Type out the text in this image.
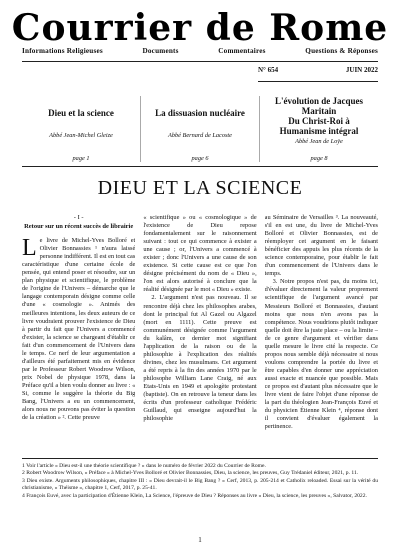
Courrier de Rome
Informations Religieuses	Documents	Commentaires	Questions & Réponses
N° 654	JUIN 2022
Dieu et la science
Abbé Jean-Michel Gleize
page 1
La dissuasion nucléaire
Abbé Bernard de Lacoste
page 6
L'évolution de Jacques Maritain
Du Christ-Roi à
Humanisme intégral
Abbé Jean de Loÿe
page 8
DIEU ET LA SCIENCE
- I -
Retour sur un récent succès de librairie

Le livre de Michel-Yves Bolloré et Olivier Bonnassies ¹ n'aura laissé personne indifférent. Il est en tout cas caractéristique d'une certaine école de pensée, qui entend poser et résoudre, sur un plan physique et scientifique, le problème de l'origine de l'Univers – démarche que le langage contemporain désigne comme celle d'une « cosmologie ». Animés des meilleures intentions, les deux auteurs de ce livre voudraient prouver l'existence de Dieu à partir du fait que l'Univers a commencé d'exister, la science se chargeant d'établir ce fait d'un commencement de l'Univers dans le temps. Ce nerf de leur argumentation a d'ailleurs été parfaitement mis en évidence par le Professeur Robert Woodrow Wilson, prix Nobel de physique 1978, dans la Préface qu'il a bien voulu donner au livre : « Si, comme le suggère la théorie du Big Bang, l'Univers a eu un commencement, alors nous ne pouvons pas éviter la question de la création » ². Cette preuve

« scientifique » ou « cosmologique » de l'existence de Dieu repose fondamentalement sur le raisonnement suivant : tout ce qui commence à exister a une cause ; or, l'Univers a commencé à exister ; donc l'Univers a une cause de son existence. Si cette cause est ce que l'on désigne précisément du nom de « Dieu », l'on est alors autorisé à conclure que la réalité désignée par le mot « Dieu » existe.

2. L'argument n'est pas nouveau. Il se rencontre déjà chez les philosophes arabes, dont le principal fut Al Gazel ou Algazel (mort en 1111). Cette preuve est communément désignée comme l'argument du kalâm, ce dernier mot signifiant l'application de la raison ou de la philosophie à l'explication des réalités divines, chez les musulmans. Cet argument a été repris à la fin des années 1970 par le philosophe William Lane Craig, né aux Etats-Unis en 1949 et apologète protestant (baptiste). On en retrouve la teneur dans les écrits d'un professeur catholique Frédéric Guillaud, qui enseigne aujourd'hui la philosophie

au Séminaire de Versailles ³. La nouveauté, s'il en est une, du livre de Michel-Yves Bolloré et Olivier Bonnassies, est de réemployer cet argument en le faisant bénéficier des appuis les plus récents de la science contemporaine, pour établir le fait d'un commencement de l'Univers dans le temps.

3. Notre propos n'est pas, du moins ici, d'évaluer directement la valeur proprement scientifique de l'argument avancé par Messieurs Bolloré et Bonnassies, d'autant moins que nous n'en avons pas la compétence. Nous voudrions plutôt indiquer quelle doit être la juste place – ou la limite – de ce genre d'argument et vérifier dans quelle mesure le livre cité la respecte. Ce propos nous semble déjà nécessaire si nous voulons comprendre la portée du livre et être capables d'en donner une appréciation aussi exacte et nuancée que possible. Mais ce propos est d'autant plus nécessaire que le livre vient de faire l'objet d'une réponse de la part du théologien Jean-François Euvé et du physicien Étienne Klein ⁴, réponse dont il convient d'évaluer également la pertinence.

1 Voir l'article « Dieu est-il une théorie scientifique ? » dans le numéro de février 2022 du Courrier de Rome.
2 Robert Woodrow Wilson, « Préface » à Michel-Yves Bolloré et Olivier Bonnassies, Dieu, la science, les preuves, Guy Trédaniel éditeur, 2021, p. 11.
3 Dieu existe. Arguments philosophiques, chapitre III : « Dieu devrait-il le Big Bang ? » Cerf, 2013, p. 205-214 et Catholix reloaded. Essai sur la vérité du christianisme, « Théisme », chapitre 1, Cerf, 2017, p. 25-41.
4 François Euvé, avec la participation d'Étienne Klein, La Science, l'épreuve de Dieu ? Réponses au livre « Dieu, la science, les preuves », Salvator, 2022.
1
